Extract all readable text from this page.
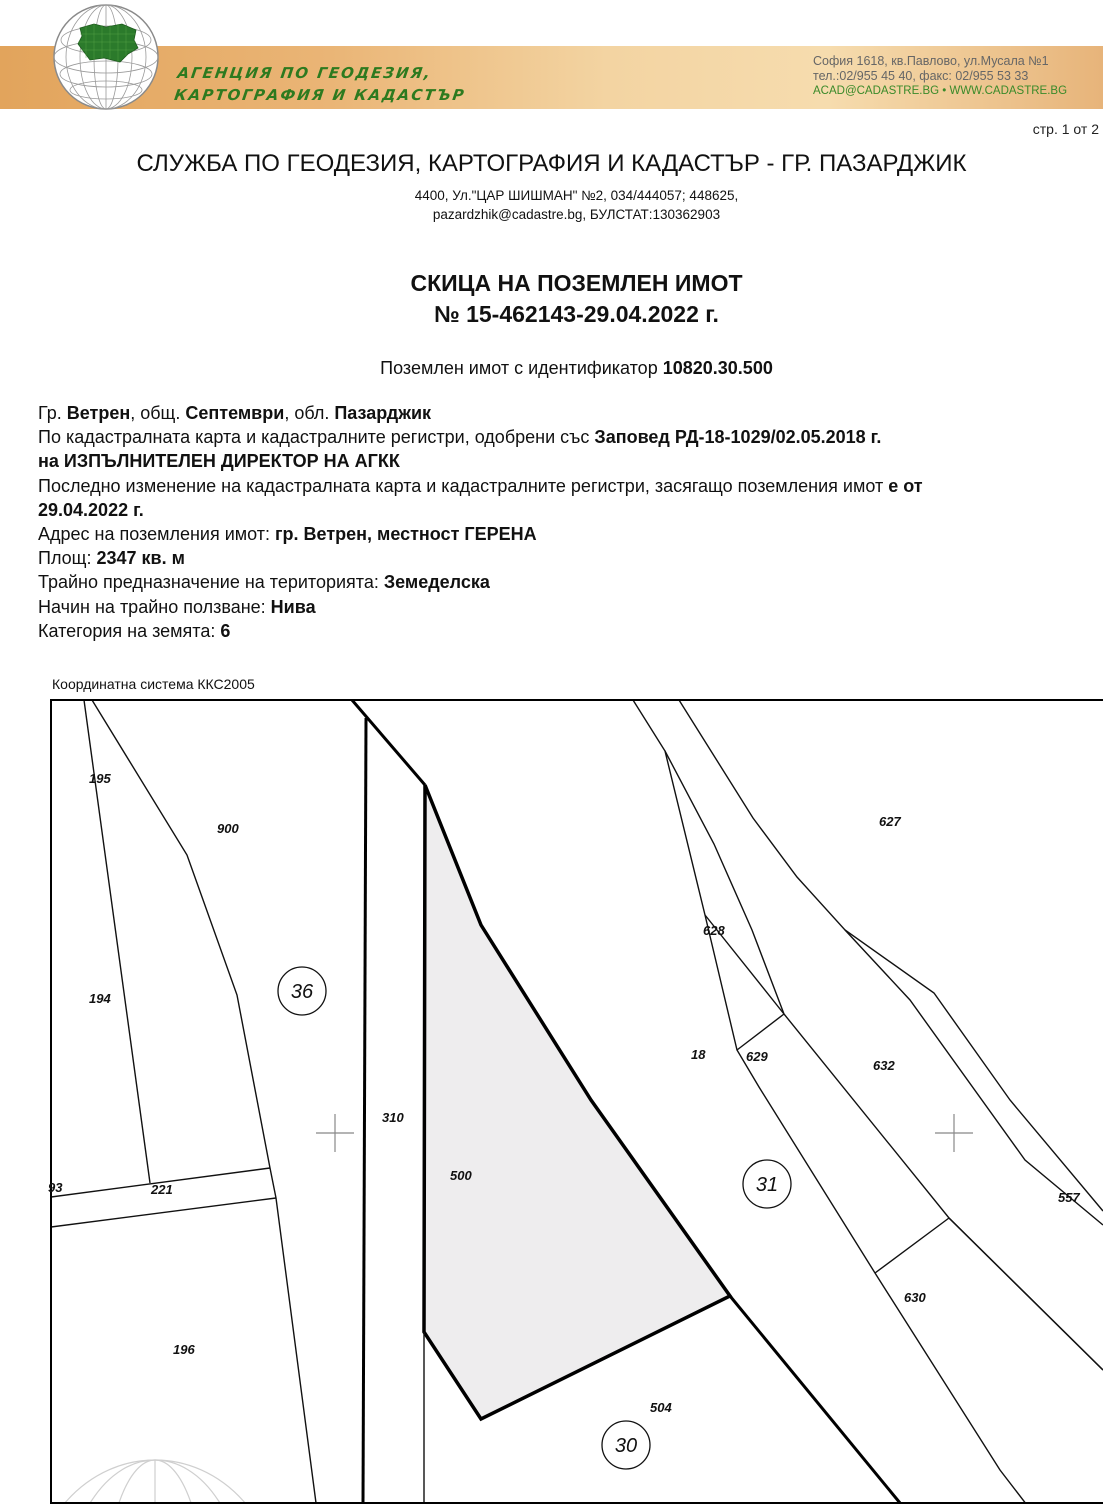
АГЕНЦИЯ ПО ГЕОДЕЗИЯ,
КАРТОГРАФИЯ И КАДАСТЪР
София 1618, кв.Павлово, ул.Мусала №1
тел.:02/955 45 40, факс: 02/955 53 33
ACAD@CADASTRE.BG • WWW.CADASTRE.BG
стр. 1 от 2
СЛУЖБА ПО ГЕОДЕЗИЯ, КАРТОГРАФИЯ И КАДАСТЪР - ГР. ПАЗАРДЖИК
4400, Ул."ЦАР ШИШМАН" №2, 034/444057; 448625,
pazardzhik@cadastre.bg, БУЛСТАТ:130362903
СКИЦА НА ПОЗЕМЛЕН ИМОТ
№ 15-462143-29.04.2022 г.
Поземлен имот с идентификатор 10820.30.500
Гр. Ветрен, общ. Септември, обл. Пазарджик
По кадастралната карта и кадастралните регистри, одобрени със Заповед РД-18-1029/02.05.2018 г.
на ИЗПЪЛНИТЕЛЕН ДИРЕКТОР НА АГКК
Последно изменение на кадастралната карта и кадастралните регистри, засягащо поземления имот е от
29.04.2022 г.
Адрес на поземления имот: гр. Ветрен, местност ГЕРЕНА
Площ: 2347 кв. м
Трайно предназначение на територията: Земеделска
Начин на трайно ползване: Нива
Категория на земята: 6
Координатна система ККС2005
195
900
194
93	221
196
310
500
504
18
627
628
629
632
630
557
36
31
30
